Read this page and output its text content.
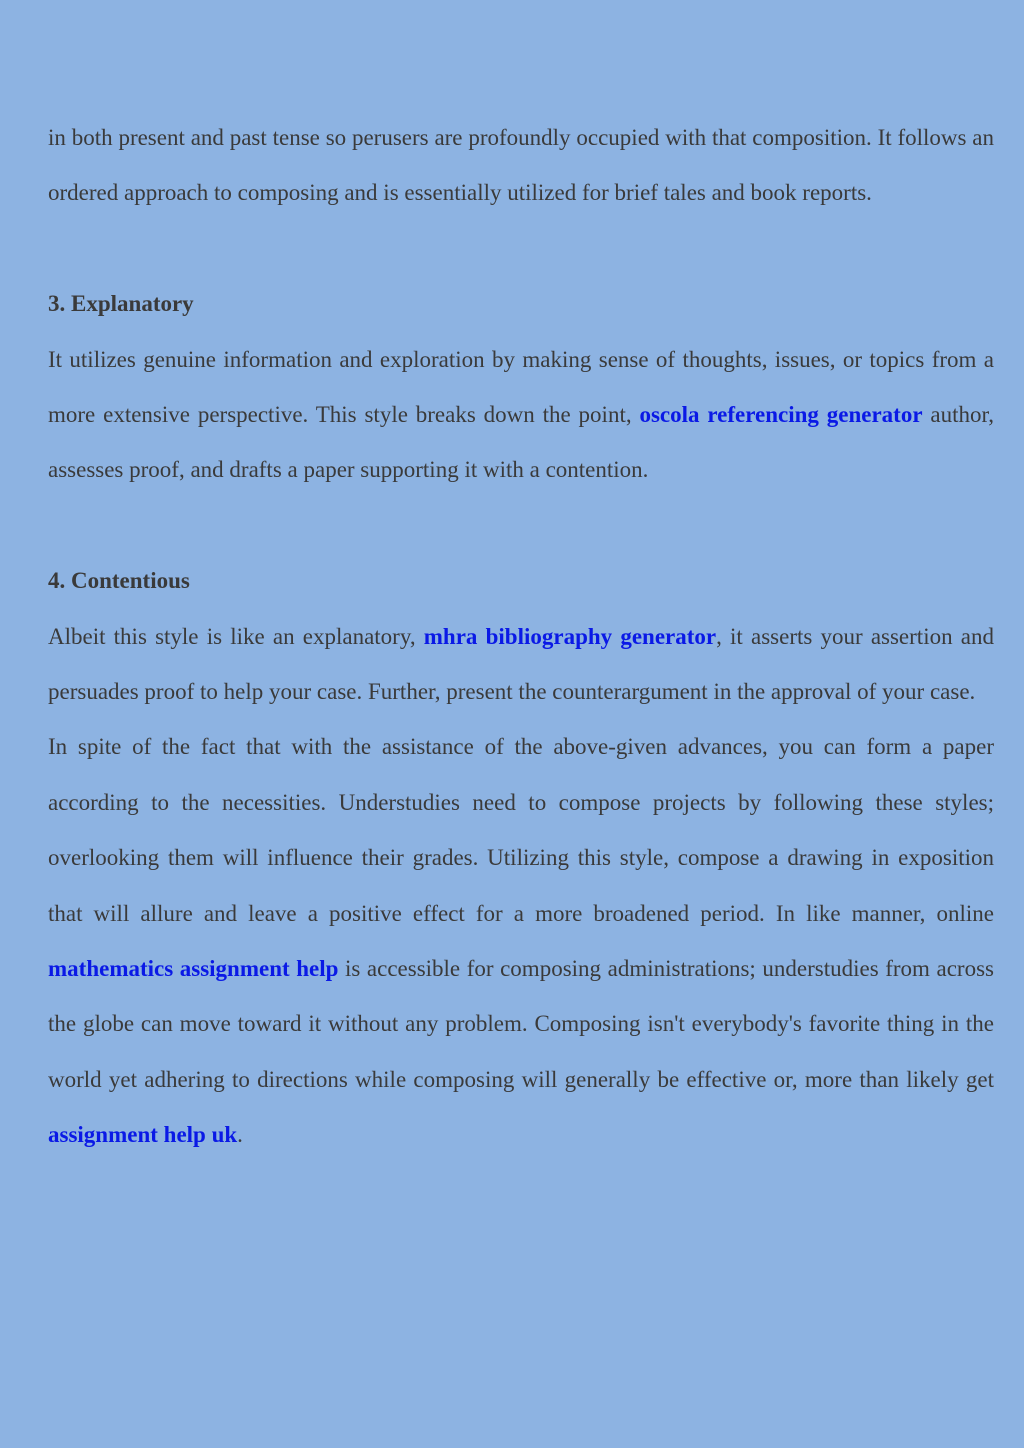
in both present and past tense so perusers are profoundly occupied with that composition. It follows an ordered approach to composing and is essentially utilized for brief tales and book reports.

3. Explanatory

It utilizes genuine information and exploration by making sense of thoughts, issues, or topics from a more extensive perspective. This style breaks down the point, oscola referencing generator author, assesses proof, and drafts a paper supporting it with a contention.

4. Contentious

Albeit this style is like an explanatory, mhra bibliography generator, it asserts your assertion and persuades proof to help your case. Further, present the counterargument in the approval of your case.

In spite of the fact that with the assistance of the above-given advances, you can form a paper according to the necessities. Understudies need to compose projects by following these styles; overlooking them will influence their grades. Utilizing this style, compose a drawing in exposition that will allure and leave a positive effect for a more broadened period. In like manner, online mathematics assignment help is accessible for composing administrations; understudies from across the globe can move toward it without any problem. Composing isn't everybody's favorite thing in the world yet adhering to directions while composing will generally be effective or, more than likely get assignment help uk.
